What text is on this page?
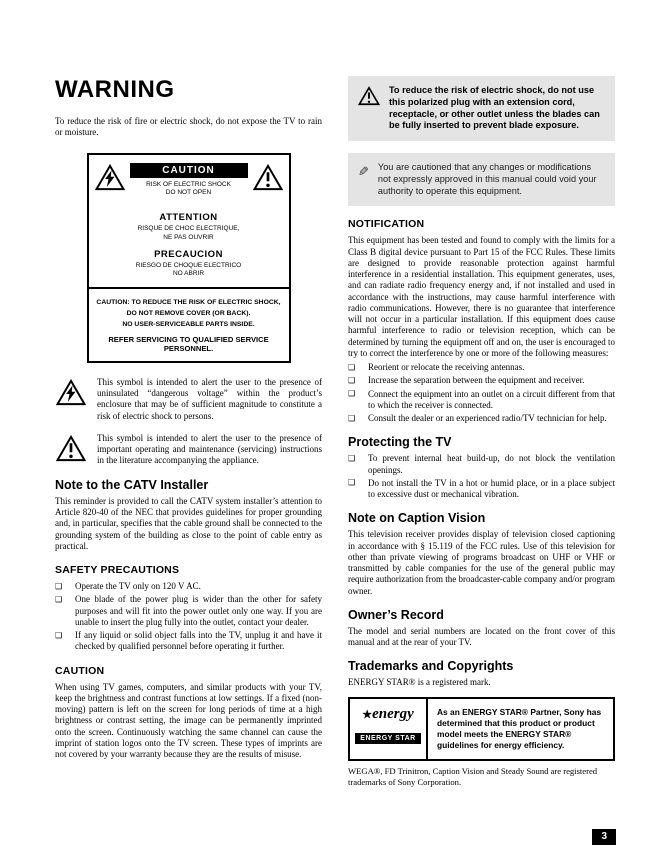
WARNING

To reduce the risk of fire or electric shock, do not expose the TV to rain or moisture.

CAUTION
RISK OF ELECTRIC SHOCK
DO NOT OPEN
ATTENTION
RISQUE DE CHOC ELECTRIQUE,
NE PAS OUVRIR
PRECAUCION
RIESGO DE CHOQUE ELECTRICO
NO ABRIR
CAUTION: TO REDUCE THE RISK OF ELECTRIC SHOCK,
DO NOT REMOVE COVER (OR BACK).
NO USER-SERVICEABLE PARTS INSIDE.
REFER SERVICING TO QUALIFIED SERVICE PERSONNEL.

This symbol is intended to alert the user to the presence of uninsulated “dangerous voltage” within the product’s enclosure that may be of sufficient magnitude to constitute a risk of electric shock to persons.

This symbol is intended to alert the user to the presence of important operating and maintenance (servicing) instructions in the literature accompanying the appliance.

Note to the CATV Installer

This reminder is provided to call the CATV system installer’s attention to Article 820-40 of the NEC that provides guidelines for proper grounding and, in particular, specifies that the cable ground shall be connected to the grounding system of the building as close to the point of cable entry as practical.

SAFETY PRECAUTIONS
❑	Operate the TV only on 120 V AC.
❑	One blade of the power plug is wider than the other for safety purposes and will fit into the power outlet only one way. If you are unable to insert the plug fully into the outlet, contact your dealer.
❑	If any liquid or solid object falls into the TV, unplug it and have it checked by qualified personnel before operating it further.
CAUTION

When using TV games, computers, and similar products with your TV, keep the brightness and contrast functions at low settings. If a fixed (non-moving) pattern is left on the screen for long periods of time at a high brightness or contrast setting, the image can be permanently imprinted onto the screen. Continuously watching the same channel can cause the imprint of station logos onto the TV screen. These types of imprints are not covered by your warranty because they are the results of misuse.

To reduce the risk of electric shock, do not use this polarized plug with an extension cord, receptacle, or other outlet unless the blades can be fully inserted to prevent blade exposure.
✎ You are cautioned that any changes or modifications not expressly approved in this manual could void your authority to operate this equipment.
NOTIFICATION

This equipment has been tested and found to comply with the limits for a Class B digital device pursuant to Part 15 of the FCC Rules. These limits are designed to provide reasonable protection against harmful interference in a residential installation. This equipment generates, uses, and can radiate radio frequency energy and, if not installed and used in accordance with the instructions, may cause harmful interference with radio communications. However, there is no guarantee that interference will not occur in a particular installation. If this equipment does cause harmful interference to radio or television reception, which can be determined by turning the equipment off and on, the user is encouraged to try to correct the interference by one or more of the following measures:

❑	Reorient or relocate the receiving antennas.
❑	Increase the separation between the equipment and receiver.
❑	Connect the equipment into an outlet on a circuit different from that to which the receiver is connected.
❑	Consult the dealer or an experienced radio/TV technician for help.
Protecting the TV
❑	To prevent internal heat build-up, do not block the ventilation openings.
❑	Do not install the TV in a hot or humid place, or in a place subject to excessive dust or mechanical vibration.
Note on Caption Vision

This television receiver provides display of television closed captioning in accordance with § 15.119 of the FCC rules. Use of this television for other than private viewing of programs broadcast on UHF or VHF or transmitted by cable companies for the use of the general public may require authorization from the broadcaster-cable company and/or program owner.

Owner’s Record

The model and serial numbers are located on the front cover of this manual and at the rear of your TV.

Trademarks and Copyrights

ENERGY STAR® is a registered mark.

★energy
ENERGY STAR
As an ENERGY STAR® Partner, Sony has determined that this product or product model meets the ENERGY STAR® guidelines for energy efficiency.

WEGA®, FD Trinitron, Caption Vision and Steady Sound are registered trademarks of Sony Corporation.

3
